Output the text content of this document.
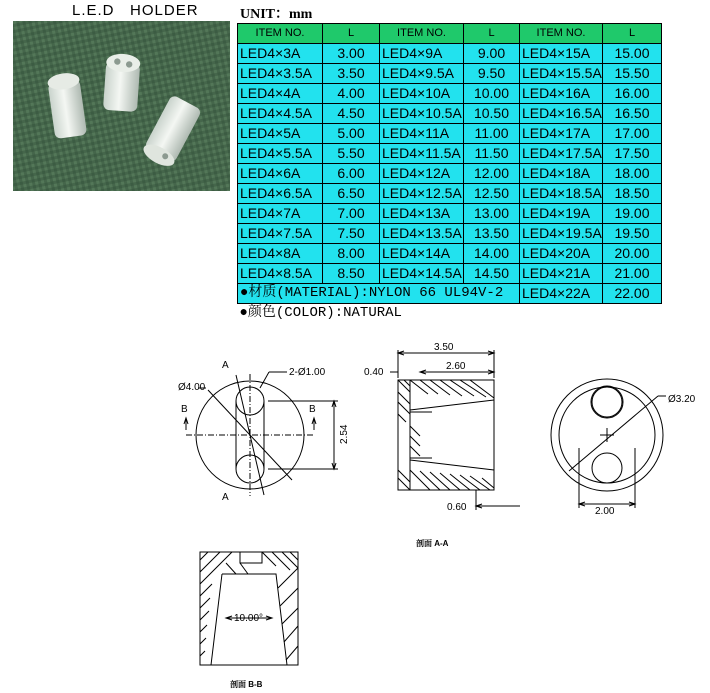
L.E.D   HOLDER	UNIT：mm
ITEM NO.	L	ITEM NO.	L	ITEM NO.	L
LED4×3A	3.00	LED4×9A	9.00	LED4×15A	15.00
LED4×3.5A	3.50	LED4×9.5A	9.50	LED4×15.5A	15.50
LED4×4A	4.00	LED4×10A	10.00	LED4×16A	16.00
LED4×4.5A	4.50	LED4×10.5A	10.50	LED4×16.5A	16.50
LED4×5A	5.00	LED4×11A	11.00	LED4×17A	17.00
LED4×5.5A	5.50	LED4×11.5A	11.50	LED4×17.5A	17.50
LED4×6A	6.00	LED4×12A	12.00	LED4×18A	18.00
LED4×6.5A	6.50	LED4×12.5A	12.50	LED4×18.5A	18.50
LED4×7A	7.00	LED4×13A	13.00	LED4×19A	19.00
LED4×7.5A	7.50	LED4×13.5A	13.50	LED4×19.5A	19.50
LED4×8A	8.00	LED4×14A	14.00	LED4×20A	20.00
LED4×8.5A	8.50	LED4×14.5A	14.50	LED4×21A	21.00
●材质(MATERIAL):NYLON 66 UL94V-2				LED4×22A	22.00
●颜色(COLOR):NATURAL					
Ø4.00
2-Ø1.00
A
A
B	B
2.54
3.50
2.60
0.40
0.60
Ø3.20
2.00
10.00°
剖面 A-A
剖面 B-B
